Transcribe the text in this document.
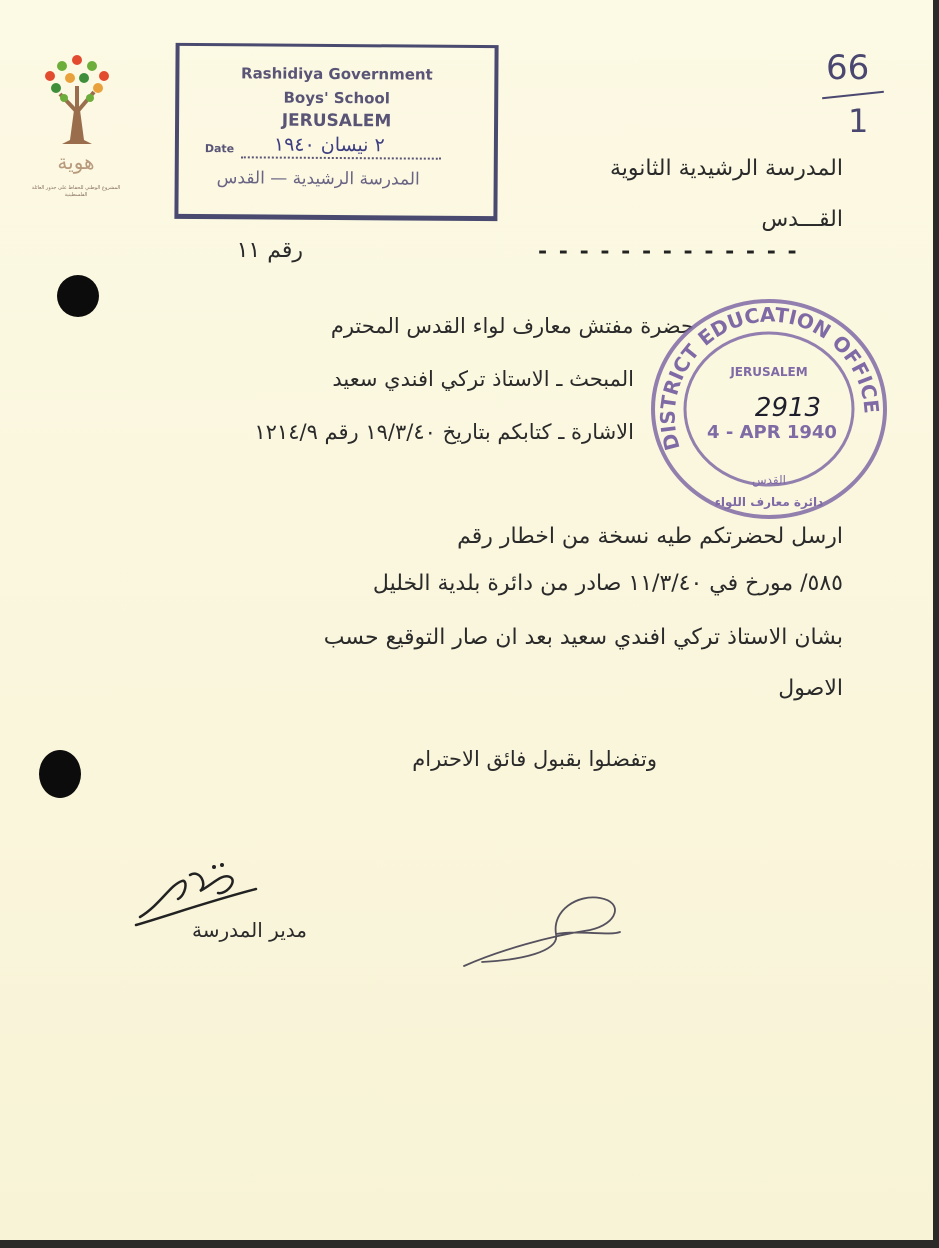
هوية
المشروع الوطني للحفاظ على جذور العائلة الفلسطينية
66
1
Rashidiya Government
Boys' School
JERUSALEM
Date ٢ نيسان ١٩٤٠
المدرسة الرشيدية — القدس	المدرسة الرشيدية الثانوية
القـــدس
- - - - - - - - - - - - -
رقم ١١
حضرة مفتش معارف لواء القدس المحترم
المبحث ـ الاستاذ تركي افندي سعيد
الاشارة ـ كتابكم بتاريخ ١٩/٣/٤٠ رقم ١٢١٤/٩
ارسل لحضرتكم طيه نسخة من اخطار رقم
٥٨٥/ مورخ في ١١/٣/٤٠ صادر من دائرة بلدية الخليل
بشان الاستاذ تركي افندي سعيد بعد ان صار التوقيع حسب
الاصول
وتفضلوا بقبول فائق الاحترام
مدير المدرسة
DISTRICT EDUCATION OFFICE
JERUSALEM
2913
4 - APR 1940
القدس
دائرة معارف اللواء
